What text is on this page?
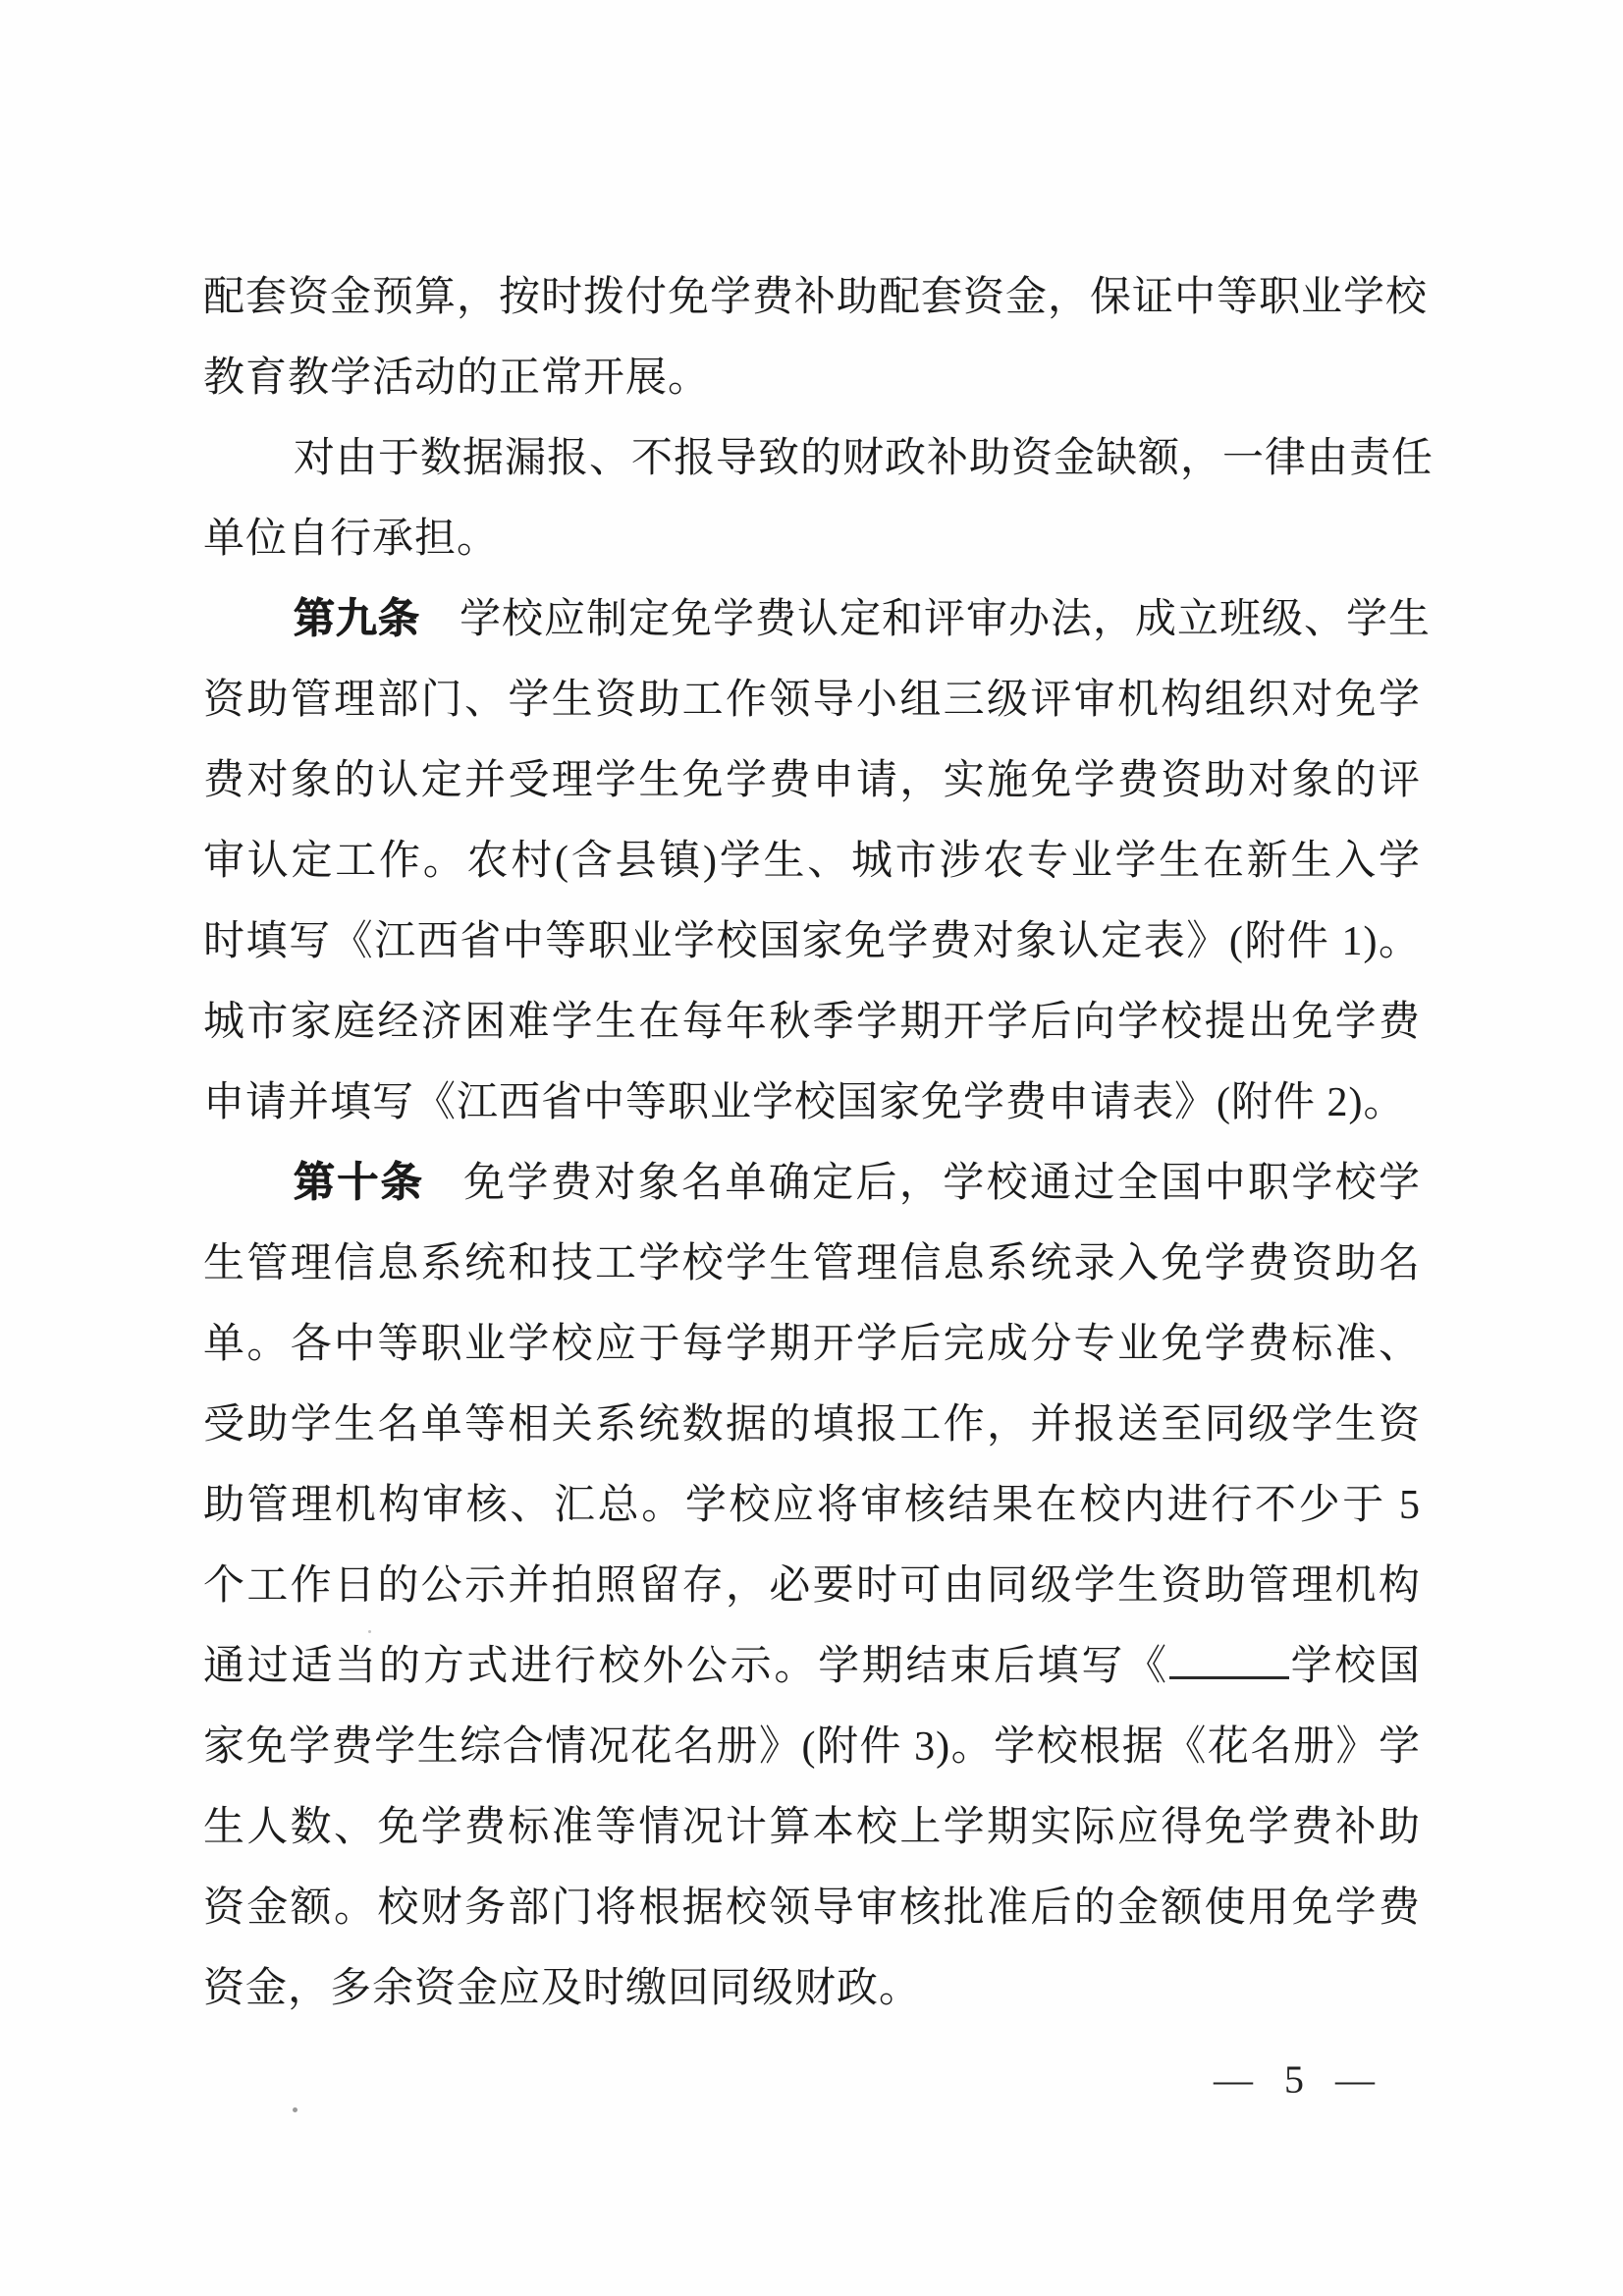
配套资金预算，按时拨付免学费补助配套资金，保证中等职业学校
教育教学活动的正常开展。
对由于数据漏报、不报导致的财政补助资金缺额，一律由责任
单位自行承担。
第九条 学校应制定免学费认定和评审办法，成立班级、学生
资助管理部门、学生资助工作领导小组三级评审机构组织对免学
费对象的认定并受理学生免学费申请，实施免学费资助对象的评
审认定工作。农村(含县镇)学生、城市涉农专业学生在新生入学
时填写《江西省中等职业学校国家免学费对象认定表》(附件 1)。
城市家庭经济困难学生在每年秋季学期开学后向学校提出免学费
申请并填写《江西省中等职业学校国家免学费申请表》(附件 2)。
第十条 免学费对象名单确定后，学校通过全国中职学校学
生管理信息系统和技工学校学生管理信息系统录入免学费资助名
单。各中等职业学校应于每学期开学后完成分专业免学费标准、
受助学生名单等相关系统数据的填报工作，并报送至同级学生资
助管理机构审核、汇总。学校应将审核结果在校内进行不少于 5
个工作日的公示并拍照留存，必要时可由同级学生资助管理机构
通过适当的方式进行校外公示。学期结束后填写《	学校国
家免学费学生综合情况花名册》(附件 3)。学校根据《花名册》学
生人数、免学费标准等情况计算本校上学期实际应得免学费补助
资金额。校财务部门将根据校领导审核批准后的金额使用免学费
资金，多余资金应及时缴回同级财政。
— 5 —
